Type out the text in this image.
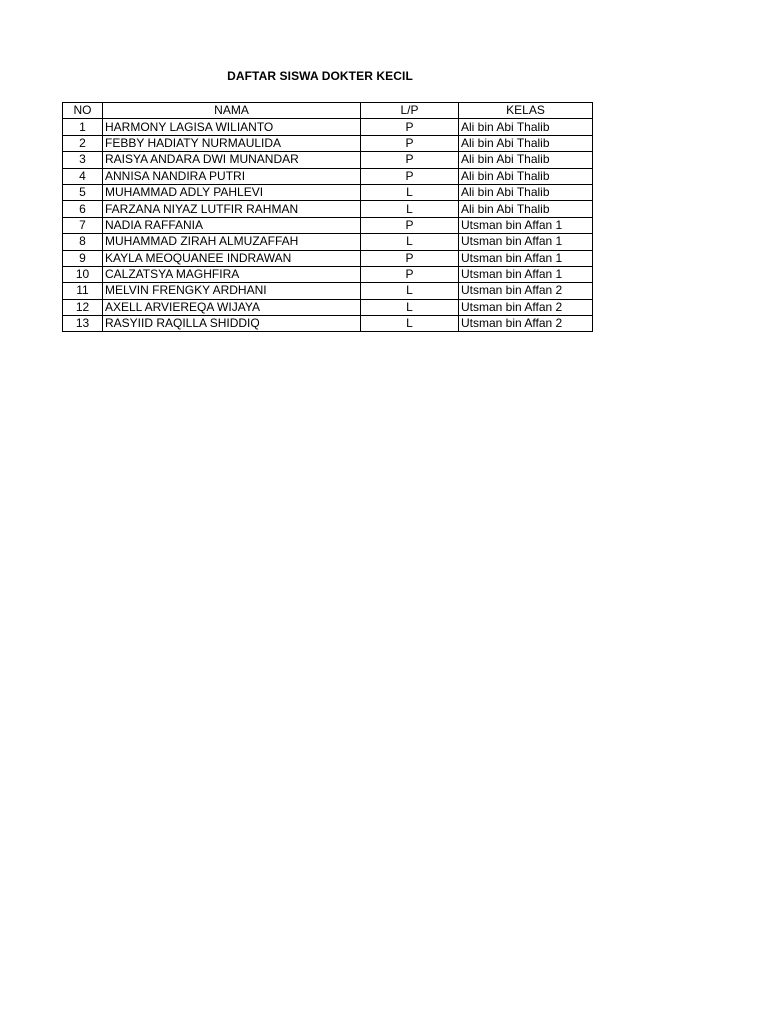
DAFTAR SISWA DOKTER KECIL
NO	NAMA	L/P	KELAS
1	HARMONY LAGISA WILIANTO	P	Ali bin Abi Thalib
2	FEBBY HADIATY NURMAULIDA	P	Ali bin Abi Thalib
3	RAISYA ANDARA DWI MUNANDAR	P	Ali bin Abi Thalib
4	ANNISA NANDIRA PUTRI	P	Ali bin Abi Thalib
5	MUHAMMAD ADLY PAHLEVI	L	Ali bin Abi Thalib
6	FARZANA NIYAZ LUTFIR RAHMAN	L	Ali bin Abi Thalib
7	NADIA RAFFANIA	P	Utsman bin Affan 1
8	MUHAMMAD ZIRAH ALMUZAFFAH	L	Utsman bin Affan 1
9	KAYLA MEOQUANEE INDRAWAN	P	Utsman bin Affan 1
10	CALZATSYA MAGHFIRA	P	Utsman bin Affan 1
11	MELVIN FRENGKY ARDHANI	L	Utsman bin Affan 2
12	AXELL ARVIEREQA WIJAYA	L	Utsman bin Affan 2
13	RASYIID RAQILLA SHIDDIQ	L	Utsman bin Affan 2
